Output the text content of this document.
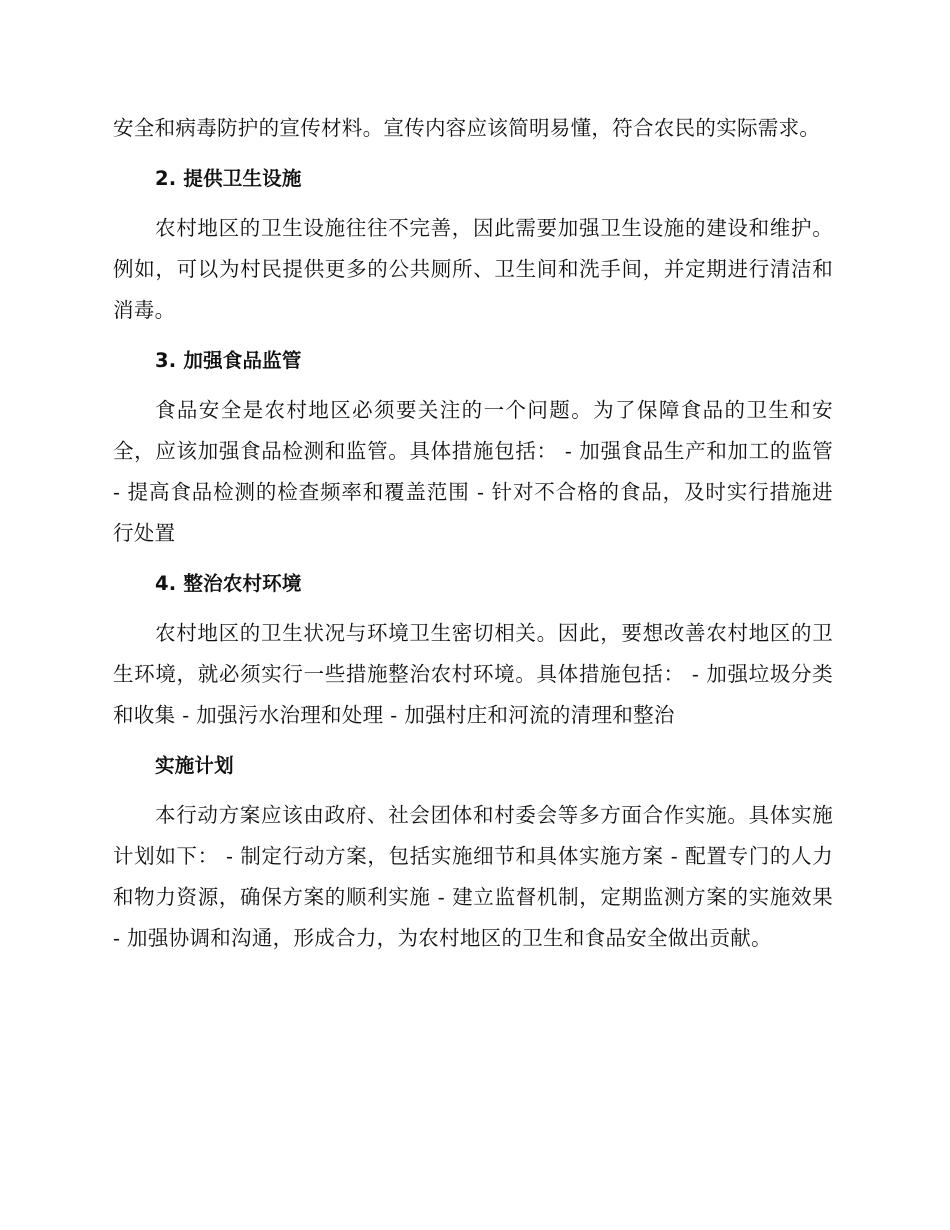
安全和病毒防护的宣传材料。宣传内容应该简明易懂，符合农民的实际需求。

2. 提供卫生设施

农村地区的卫生设施往往不完善，因此需要加强卫生设施的建设和维护。例如，可以为村民提供更多的公共厕所、卫生间和洗手间，并定期进行清洁和消毒。

3. 加强食品监管

食品安全是农村地区必须要关注的一个问题。为了保障食品的卫生和安全，应该加强食品检测和监管。具体措施包括： - 加强食品生产和加工的监管 - 提高食品检测的检查频率和覆盖范围 - 针对不合格的食品，及时实行措施进行处置

4. 整治农村环境

农村地区的卫生状况与环境卫生密切相关。因此，要想改善农村地区的卫生环境，就必须实行一些措施整治农村环境。具体措施包括： - 加强垃圾分类和收集 - 加强污水治理和处理 - 加强村庄和河流的清理和整治

实施计划

本行动方案应该由政府、社会团体和村委会等多方面合作实施。具体实施计划如下： - 制定行动方案，包括实施细节和具体实施方案 - 配置专门的人力和物力资源，确保方案的顺利实施 - 建立监督机制，定期监测方案的实施效果 - 加强协调和沟通，形成合力，为农村地区的卫生和食品安全做出贡献。
